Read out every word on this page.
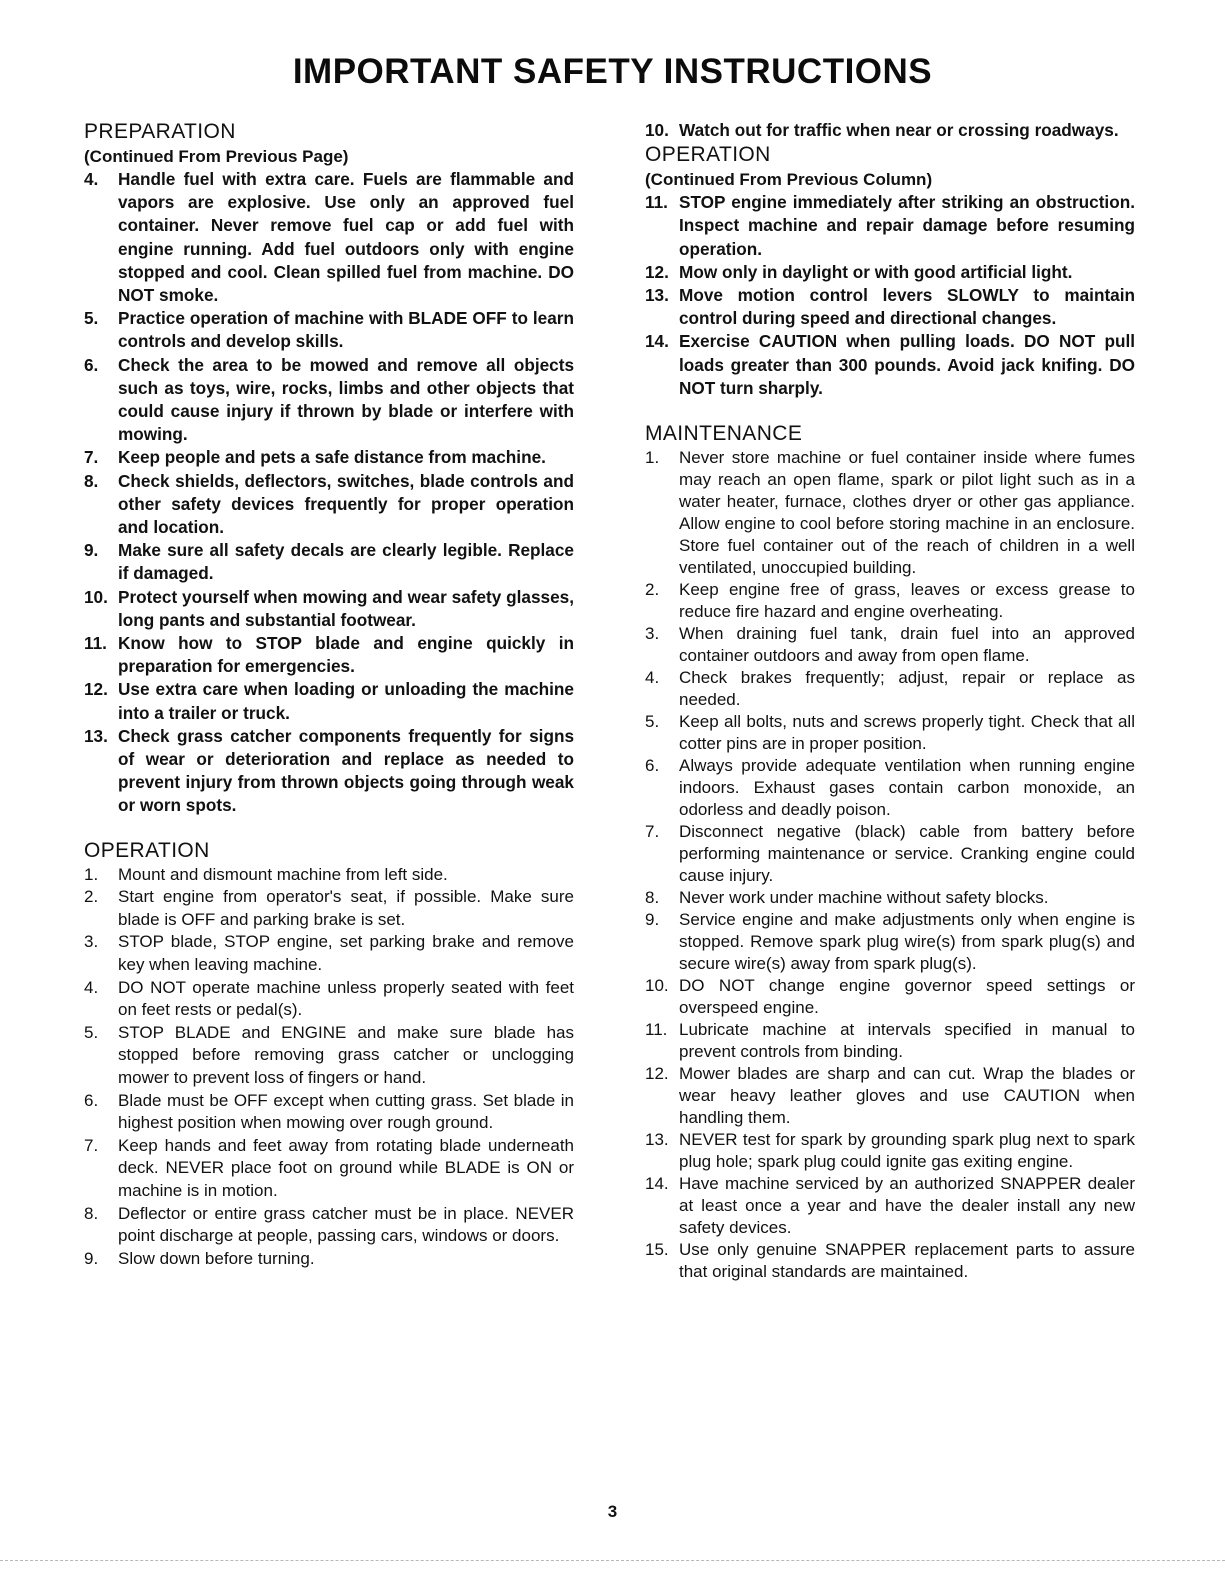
IMPORTANT SAFETY INSTRUCTIONS
PREPARATION

(Continued From Previous Page)

4.	Handle fuel with extra care. Fuels are flammable and vapors are explosive. Use only an approved fuel container. Never remove fuel cap or add fuel with engine running. Add fuel outdoors only with engine stopped and cool. Clean spilled fuel from machine. DO NOT smoke.
5.	Practice operation of machine with BLADE OFF to learn controls and develop skills.
6.	Check the area to be mowed and remove all objects such as toys, wire, rocks, limbs and other objects that could cause injury if thrown by blade or interfere with mowing.
7.	Keep people and pets a safe distance from machine.
8.	Check shields, deflectors, switches, blade controls and other safety devices frequently for proper operation and location.
9.	Make sure all safety decals are clearly legible. Replace if damaged.
10. Protect yourself when mowing and wear safety glasses, long pants and substantial footwear.
11. Know how to STOP blade and engine quickly in preparation for emergencies.
12. Use extra care when loading or unloading the machine into a trailer or truck.
13. Check grass catcher components frequently for signs of wear or deterioration and replace as needed to prevent injury from thrown objects going through weak or worn spots.
OPERATION
1.	Mount and dismount machine from left side.
2.	Start engine from operator's seat, if possible. Make sure blade is OFF and parking brake is set.
3.	STOP blade, STOP engine, set parking brake and remove key when leaving machine.
4.	DO NOT operate machine unless properly seated with feet on feet rests or pedal(s).
5.	STOP BLADE and ENGINE and make sure blade has stopped before removing grass catcher or unclogging mower to prevent loss of fingers or hand.
6.	Blade must be OFF except when cutting grass. Set blade in highest position when mowing over rough ground.
7.	Keep hands and feet away from rotating blade underneath deck. NEVER place foot on ground while BLADE is ON or machine is in motion.
8.	Deflector or entire grass catcher must be in place. NEVER point discharge at people, passing cars, windows or doors.
9.	Slow down before turning.
10. Watch out for traffic when near or crossing roadways.
OPERATION

(Continued From Previous Column)

11. STOP engine immediately after striking an obstruction. Inspect machine and repair damage before resuming operation.
12. Mow only in daylight or with good artificial light.
13. Move motion control levers SLOWLY to maintain control during speed and directional changes.
14. Exercise CAUTION when pulling loads. DO NOT pull loads greater than 300 pounds. Avoid jack knifing. DO NOT turn sharply.
MAINTENANCE
1.	Never store machine or fuel container inside where fumes may reach an open flame, spark or pilot light such as in a water heater, furnace, clothes dryer or other gas appliance. Allow engine to cool before storing machine in an enclosure. Store fuel container out of the reach of children in a well ventilated, unoccupied building.
2.	Keep engine free of grass, leaves or excess grease to reduce fire hazard and engine overheating.
3.	When draining fuel tank, drain fuel into an approved container outdoors and away from open flame.
4.	Check brakes frequently; adjust, repair or replace as needed.
5.	Keep all bolts, nuts and screws properly tight. Check that all cotter pins are in proper position.
6.	Always provide adequate ventilation when running engine indoors. Exhaust gases contain carbon monoxide, an odorless and deadly poison.
7.	Disconnect negative (black) cable from battery before performing maintenance or service. Cranking engine could cause injury.
8.	Never work under machine without safety blocks.
9.	Service engine and make adjustments only when engine is stopped. Remove spark plug wire(s) from spark plug(s) and secure wire(s) away from spark plug(s).
10. DO NOT change engine governor speed settings or overspeed engine.
11. Lubricate machine at intervals specified in manual to prevent controls from binding.
12. Mower blades are sharp and can cut. Wrap the blades or wear heavy leather gloves and use CAUTION when handling them.
13. NEVER test for spark by grounding spark plug next to spark plug hole; spark plug could ignite gas exiting engine.
14. Have machine serviced by an authorized SNAPPER dealer at least once a year and have the dealer install any new safety devices.
15. Use only genuine SNAPPER replacement parts to assure that original standards are maintained.
3
